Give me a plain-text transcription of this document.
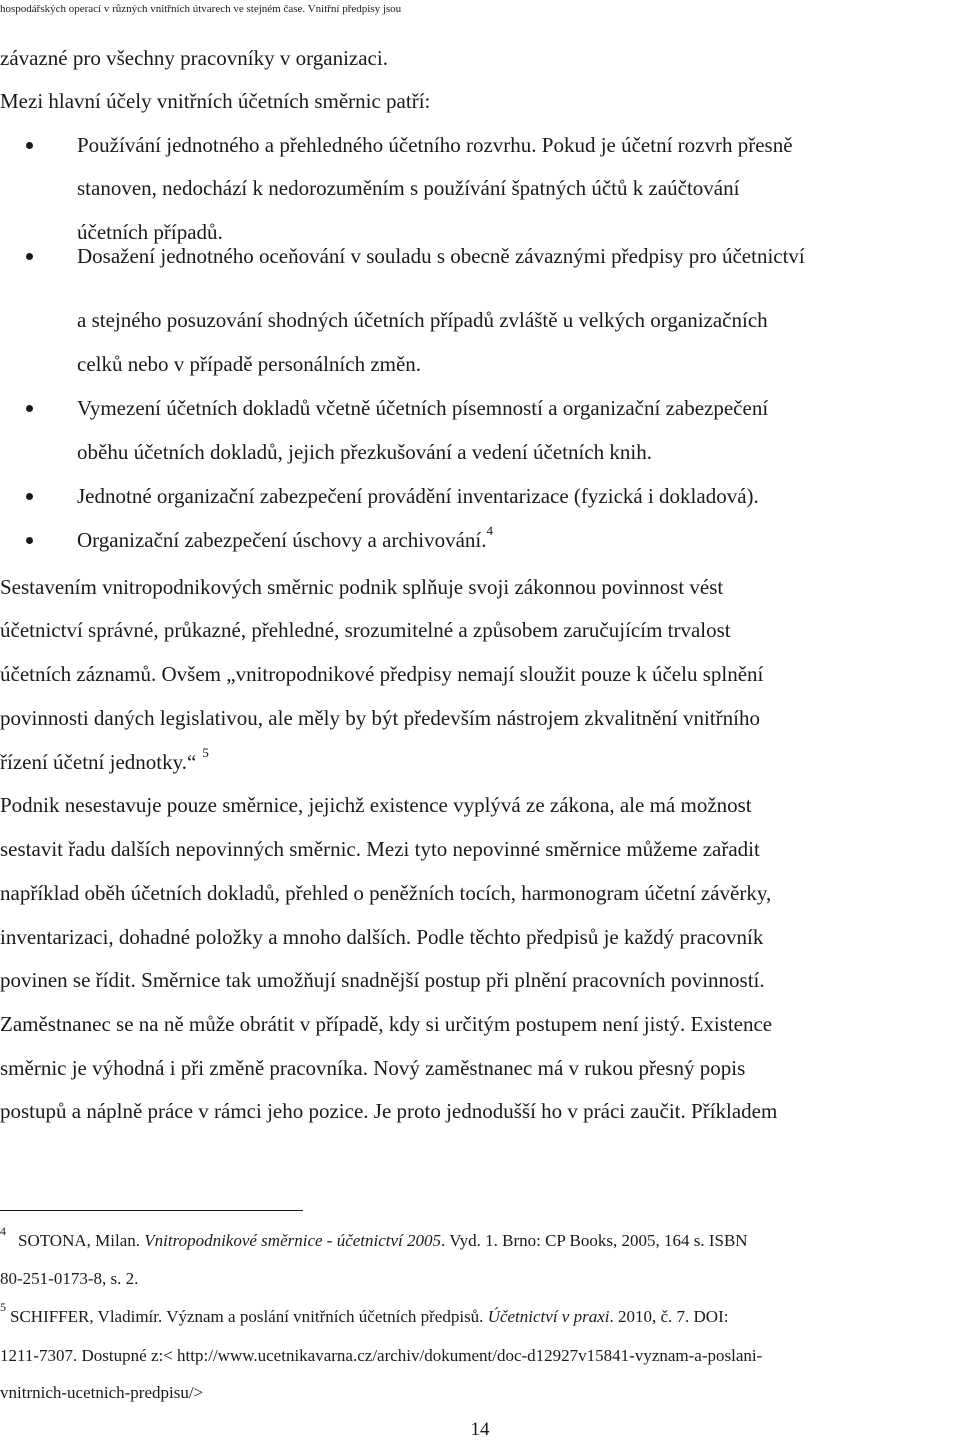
hospodářských operací v různých vnitřních útvarech ve stejném čase. Vnitřní předpisy jsou
závazné pro všechny pracovníky v organizaci.
Mezi hlavní účely vnitřních účetních směrnic patří:
Používání jednotného a přehledného účetního rozvrhu. Pokud je účetní rozvrh přesně
stanoven, nedochází k nedorozuměním s používání špatných účtů k zaúčtování
účetních případů.
Dosažení jednotného oceňování v souladu s obecně závaznými předpisy pro účetnictví
a stejného posuzování shodných účetních případů zvláště u velkých organizačních
celků nebo v případě personálních změn.
Vymezení účetních dokladů včetně účetních písemností a organizační zabezpečení
oběhu účetních dokladů, jejich přezkušování a vedení účetních knih.
Jednotné organizační zabezpečení provádění inventarizace (fyzická i dokladová).
Organizační zabezpečení úschovy a archivování.$^4$
Sestavením vnitropodnikových směrnic podnik splňuje svoji zákonnou povinnost vést
účetnictví správné, průkazné, přehledné, srozumitelné a způsobem zaručujícím trvalost
účetních záznamů. Ovšem „vnitropodnikové předpisy nemají sloužit pouze k účelu splnění
povinnosti daných legislativou, ale měly by být především nástrojem zkvalitnění vnitřního
řízení účetní jednotky.“ $^5$
Podnik nesestavuje pouze směrnice, jejichž existence vyplývá ze zákona, ale má možnost
sestavit řadu dalších nepovinných směrnic. Mezi tyto nepovinné směrnice můžeme zařadit
například oběh účetních dokladů, přehled o peněžních tocích, harmonogram účetní závěrky,
inventarizaci, dohadné položky a mnoho dalších. Podle těchto předpisů je každý pracovník
povinen se řídit. Směrnice tak umožňují snadnější postup při plnění pracovních povinností.
Zaměstnanec se na ně může obrátit v případě, kdy si určitým postupem není jistý. Existence
směrnic je výhodná i při změně pracovníka. Nový zaměstnanec má v rukou přesný popis
postupů a náplně práce v rámci jeho pozice. Je proto jednodušší ho v práci zaučit. Příkladem
$^4$ SOTONA, Milan. Vnitropodnikové směrnice - účetnictví 2005. Vyd. 1. Brno: CP Books, 2005, 164 s. ISBN
80-251-0173-8, s. 2.
$^5$ SCHIFFER, Vladimír. Význam a poslání vnitřních účetních předpisů. Účetnictví v praxi. 2010, č. 7. DOI:
1211-7307. Dostupné z:< http://www.ucetnikavarna.cz/archiv/dokument/doc-d12927v15841-vyznam-a-poslani-
vnitrnich-ucetnich-predpisu/>
14
